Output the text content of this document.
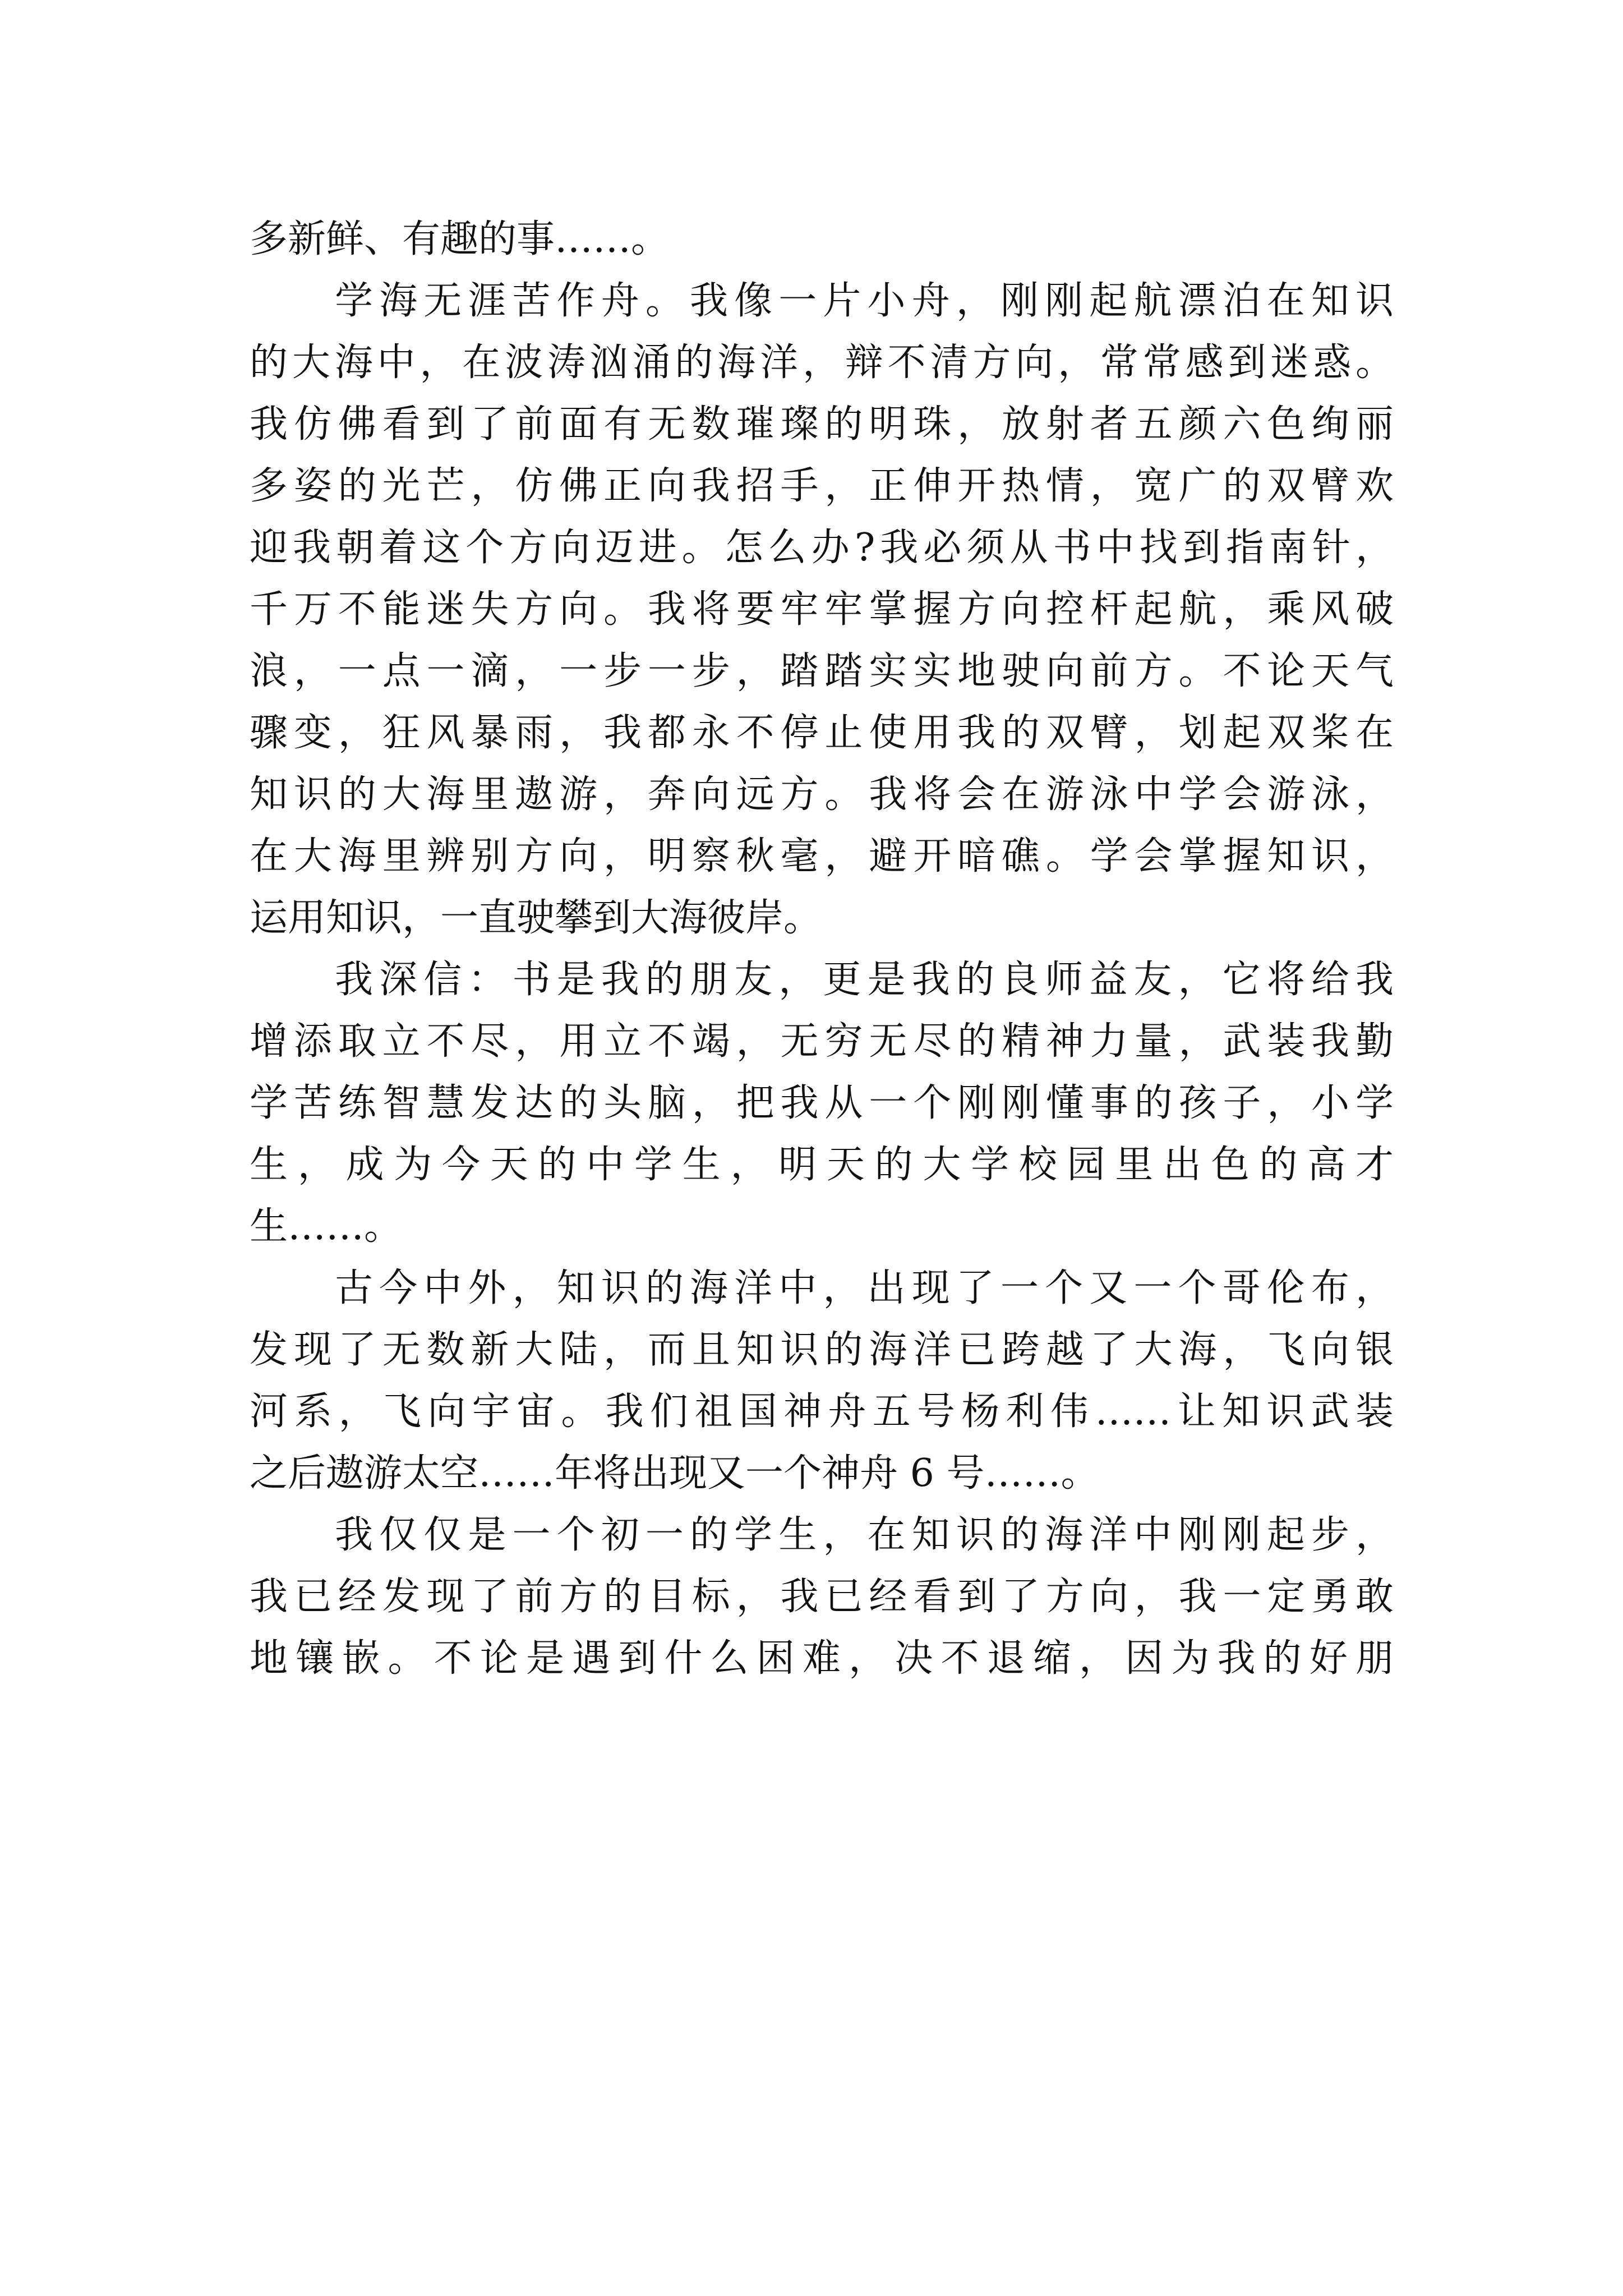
多新鲜、有趣的事……。
学海无涯苦作舟。我像一片小舟，刚刚起航漂泊在知识
的大海中，在波涛汹涌的海洋，辩不清方向，常常感到迷惑。
我仿佛看到了前面有无数璀璨的明珠，放射者五颜六色绚丽
多姿的光芒，仿佛正向我招手，正伸开热情，宽广的双臂欢
迎我朝着这个方向迈进。怎么办?我必须从书中找到指南针，
千万不能迷失方向。我将要牢牢掌握方向控杆起航，乘风破
浪，一点一滴，一步一步，踏踏实实地驶向前方。不论天气
骤变，狂风暴雨，我都永不停止使用我的双臂，划起双桨在
知识的大海里遨游，奔向远方。我将会在游泳中学会游泳，
在大海里辨别方向，明察秋毫，避开暗礁。学会掌握知识，
运用知识，一直驶攀到大海彼岸。
我深信：书是我的朋友，更是我的良师益友，它将给我
增添取立不尽，用立不竭，无穷无尽的精神力量，武装我勤
学苦练智慧发达的头脑，把我从一个刚刚懂事的孩子，小学
生，成为今天的中学生，明天的大学校园里出色的高才
生……。
古今中外，知识的海洋中，出现了一个又一个哥伦布，
发现了无数新大陆，而且知识的海洋已跨越了大海，飞向银
河系，飞向宇宙。我们祖国神舟五号杨利伟……让知识武装
之后遨游太空……年将出现又一个神舟 6 号……。
我仅仅是一个初一的学生，在知识的海洋中刚刚起步，
我已经发现了前方的目标，我已经看到了方向，我一定勇敢
地镶嵌。不论是遇到什么困难，决不退缩，因为我的好朋
